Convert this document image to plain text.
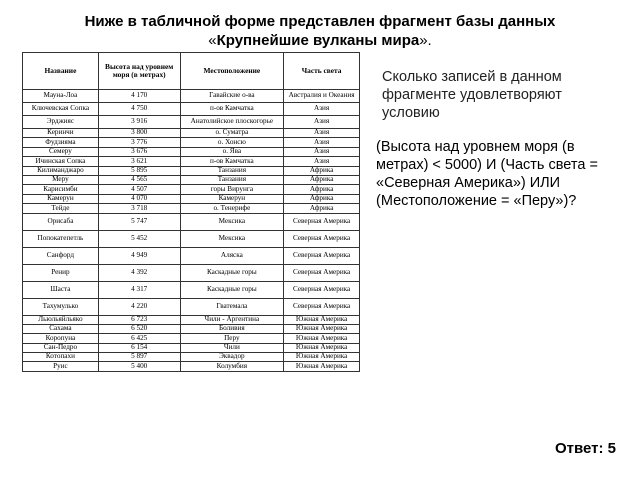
Ниже в табличной форме представлен фрагмент базы данных
«Крупнейшие вулканы мира».
Название	Высота над уровнем моря (в метрах)	Местоположение	Часть света
Мауна-Лоа	4 170	Гавайские о-ва	Австралия и Океания
Ключевская Сопка	4 750	п-ов Камчатка	Азия
Эрджияс	3 916	Анатолийское плоскогорье	Азия
Керинчи	3 800	о. Суматра	Азия
Фудзияма	3 776	о. Хонсю	Азия
Семеру	3 676	о. Ява	Азия
Ичинская Сопка	3 621	п-ов Камчатка	Азия
Килиманджаро	5 895	Танзания	Африка
Меру	4 565	Танзания	Африка
Карисимби	4 507	горы Вирунга	Африка
Камерун	4 070	Камерун	Африка
Тейде	3 718	о. Тенерифе	Африка
Орисаба	5 747	Мексика	Северная Америка
Попокатепетль	5 452	Мексика	Северная Америка
Санфорд	4 949	Аляска	Северная Америка
Ренир	4 392	Каскадные горы	Северная Америка
Шаста	4 317	Каскадные горы	Северная Америка
Тахумулько	4 220	Гватемала	Северная Америка
Льюльяйльяко	6 723	Чили - Аргентина	Южная Америка
Сахама	6 520	Боливия	Южная Америка
Коропуна	6 425	Перу	Южная Америка
Сан-Педро	6 154	Чили	Южная Америка
Котопахи	5 897	Эквадор	Южная Америка
Руис	5 400	Колумбия	Южная Америка
Сколько записей в данном фрагменте удовлетворяют условию
(Высота над уровнем моря (в метрах) < 5000) И (Часть света = «Северная Америка») ИЛИ (Местоположение = «Перу»)?
Ответ: 5
